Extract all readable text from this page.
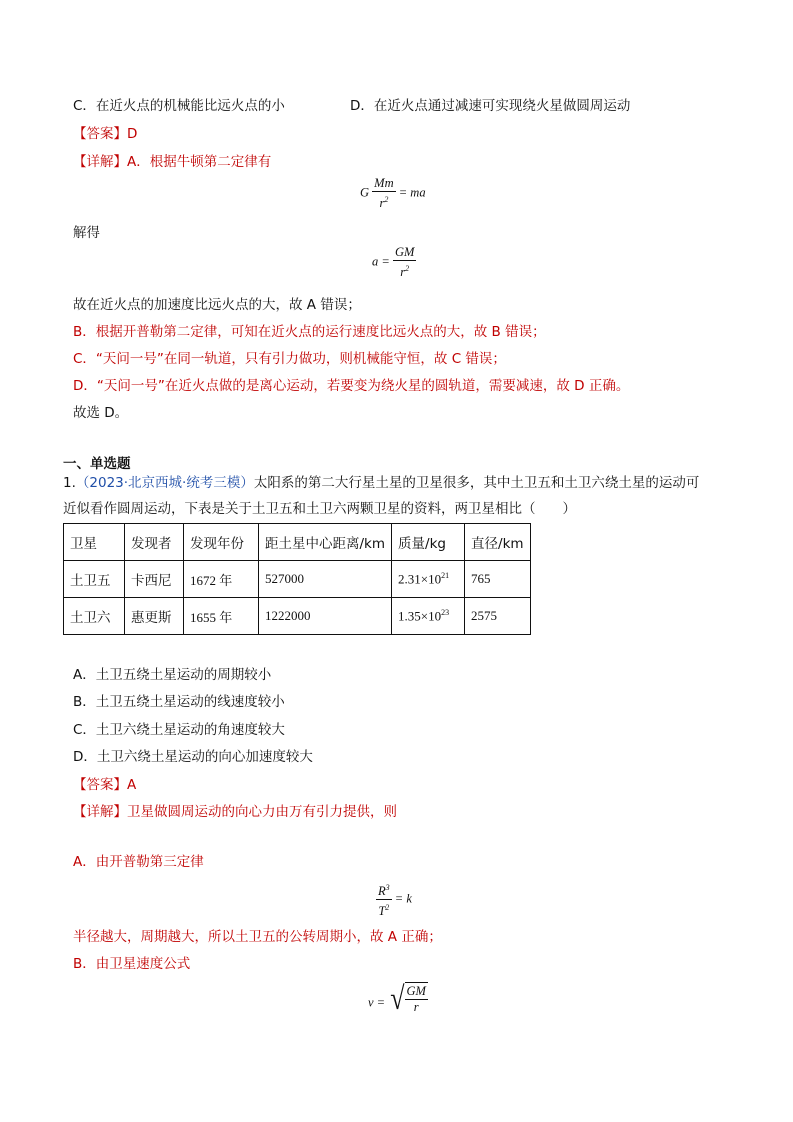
C．在近火点的机械能比远火点的小	D．在近火点通过减速可实现绕火星做圆周运动
【答案】D
【详解】A．根据牛顿第二定律有
G $\frac{Mm}{r^2}$ = ma
解得
$a = \frac{GM}{r^2}$
故在近火点的加速度比远火点的大，故 A 错误；
B．根据开普勒第二定律，可知在近火点的运行速度比远火点的大，故 B 错误；
C．“天问一号”在同一轨道，只有引力做功，则机械能守恒，故 C 错误；
D．“天问一号”在近火点做的是离心运动，若要变为绕火星的圆轨道，需要减速，故 D 正确。
故选 D。
一、单选题
1.（2023·北京西城·统考三模）太阳系的第二大行星土星的卫星很多，其中土卫五和土卫六绕土星的运动可
近似看作圆周运动，下表是关于土卫五和土卫六两颗卫星的资料，两卫星相比（　　）
卫星	发现者	发现年份	距土星中心距离/km	质量/kg	直径/km
土卫五	卡西尼	1672 年	527000	$2.31\times 10^{21}$	765
土卫六	惠更斯	1655 年	1222000	$1.35\times 10^{23}$	2575
A．土卫五绕土星运动的周期较小
B．土卫五绕土星运动的线速度较小
C．土卫六绕土星运动的角速度较大
D．土卫六绕土星运动的向心加速度较大
【答案】A
【详解】卫星做圆周运动的向心力由万有引力提供，则
A．由开普勒第三定律
$\frac{R^3}{T^2} = k$
半径越大，周期越大，所以土卫五的公转周期小，故 A 正确；
B．由卫星速度公式
v = √ $\frac{GM}{r}$
